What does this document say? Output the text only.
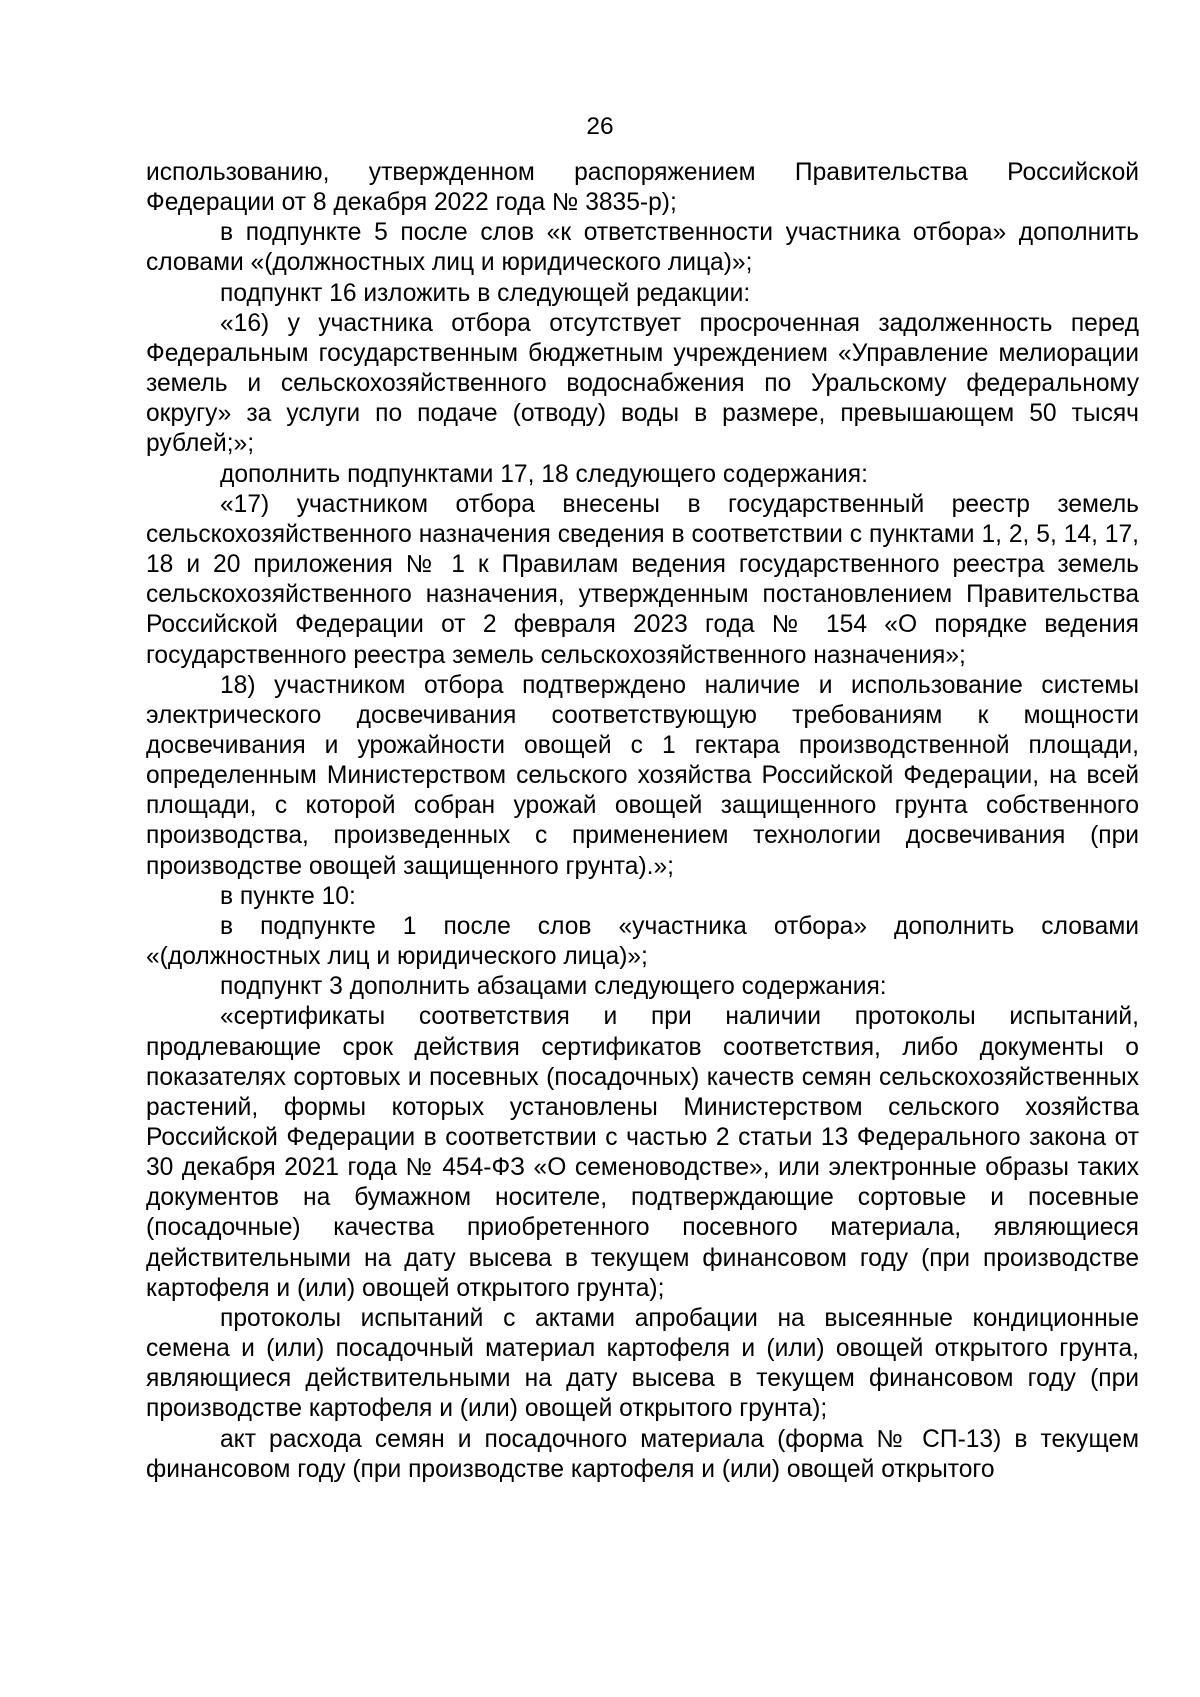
26

использованию, утвержденном распоряжением Правительства Российской Федерации от 8 декабря 2022 года № 3835-р);

в подпункте 5 после слов «к ответственности участника отбора» дополнить словами «(должностных лиц и юридического лица)»;

подпункт 16 изложить в следующей редакции:

«16) у участника отбора отсутствует просроченная задолженность перед Федеральным государственным бюджетным учреждением «Управление мелиорации земель и сельскохозяйственного водоснабжения по Уральскому федеральному округу» за услуги по подаче (отводу) воды в размере, превышающем 50 тысяч рублей;»;

дополнить подпунктами 17, 18 следующего содержания:

«17) участником отбора внесены в государственный реестр земель сельскохозяйственного назначения сведения в соответствии с пунктами 1, 2, 5, 14, 17, 18 и 20 приложения № 1 к Правилам ведения государственного реестра земель сельскохозяйственного назначения, утвержденным постановлением Правительства Российской Федерации от 2 февраля 2023 года № 154 «О порядке ведения государственного реестра земель сельскохозяйственного назначения»;

18) участником отбора подтверждено наличие и использование системы электрического досвечивания соответствующую требованиям к мощности досвечивания и урожайности овощей с 1 гектара производственной площади, определенным Министерством сельского хозяйства Российской Федерации, на всей площади, с которой собран урожай овощей защищенного грунта собственного производства, произведенных с применением технологии досвечивания (при производстве овощей защищенного грунта).»;

в пункте 10:

в подпункте 1 после слов «участника отбора» дополнить словами «(должностных лиц и юридического лица)»;

подпункт 3 дополнить абзацами следующего содержания:

«сертификаты соответствия и при наличии протоколы испытаний, продлевающие срок действия сертификатов соответствия, либо документы о показателях сортовых и посевных (посадочных) качеств семян сельскохозяйственных растений, формы которых установлены Министерством сельского хозяйства Российской Федерации в соответствии с частью 2 статьи 13 Федерального закона от 30 декабря 2021 года № 454-ФЗ «О семеноводстве», или электронные образы таких документов на бумажном носителе, подтверждающие сортовые и посевные (посадочные) качества приобретенного посевного материала, являющиеся действительными на дату высева в текущем финансовом году (при производстве картофеля и (или) овощей открытого грунта);

протоколы испытаний с актами апробации на высеянные кондиционные семена и (или) посадочный материал картофеля и (или) овощей открытого грунта, являющиеся действительными на дату высева в текущем финансовом году (при производстве картофеля и (или) овощей открытого грунта);

акт расхода семян и посадочного материала (форма № СП-13) в текущем финансовом году (при производстве картофеля и (или) овощей открытого
